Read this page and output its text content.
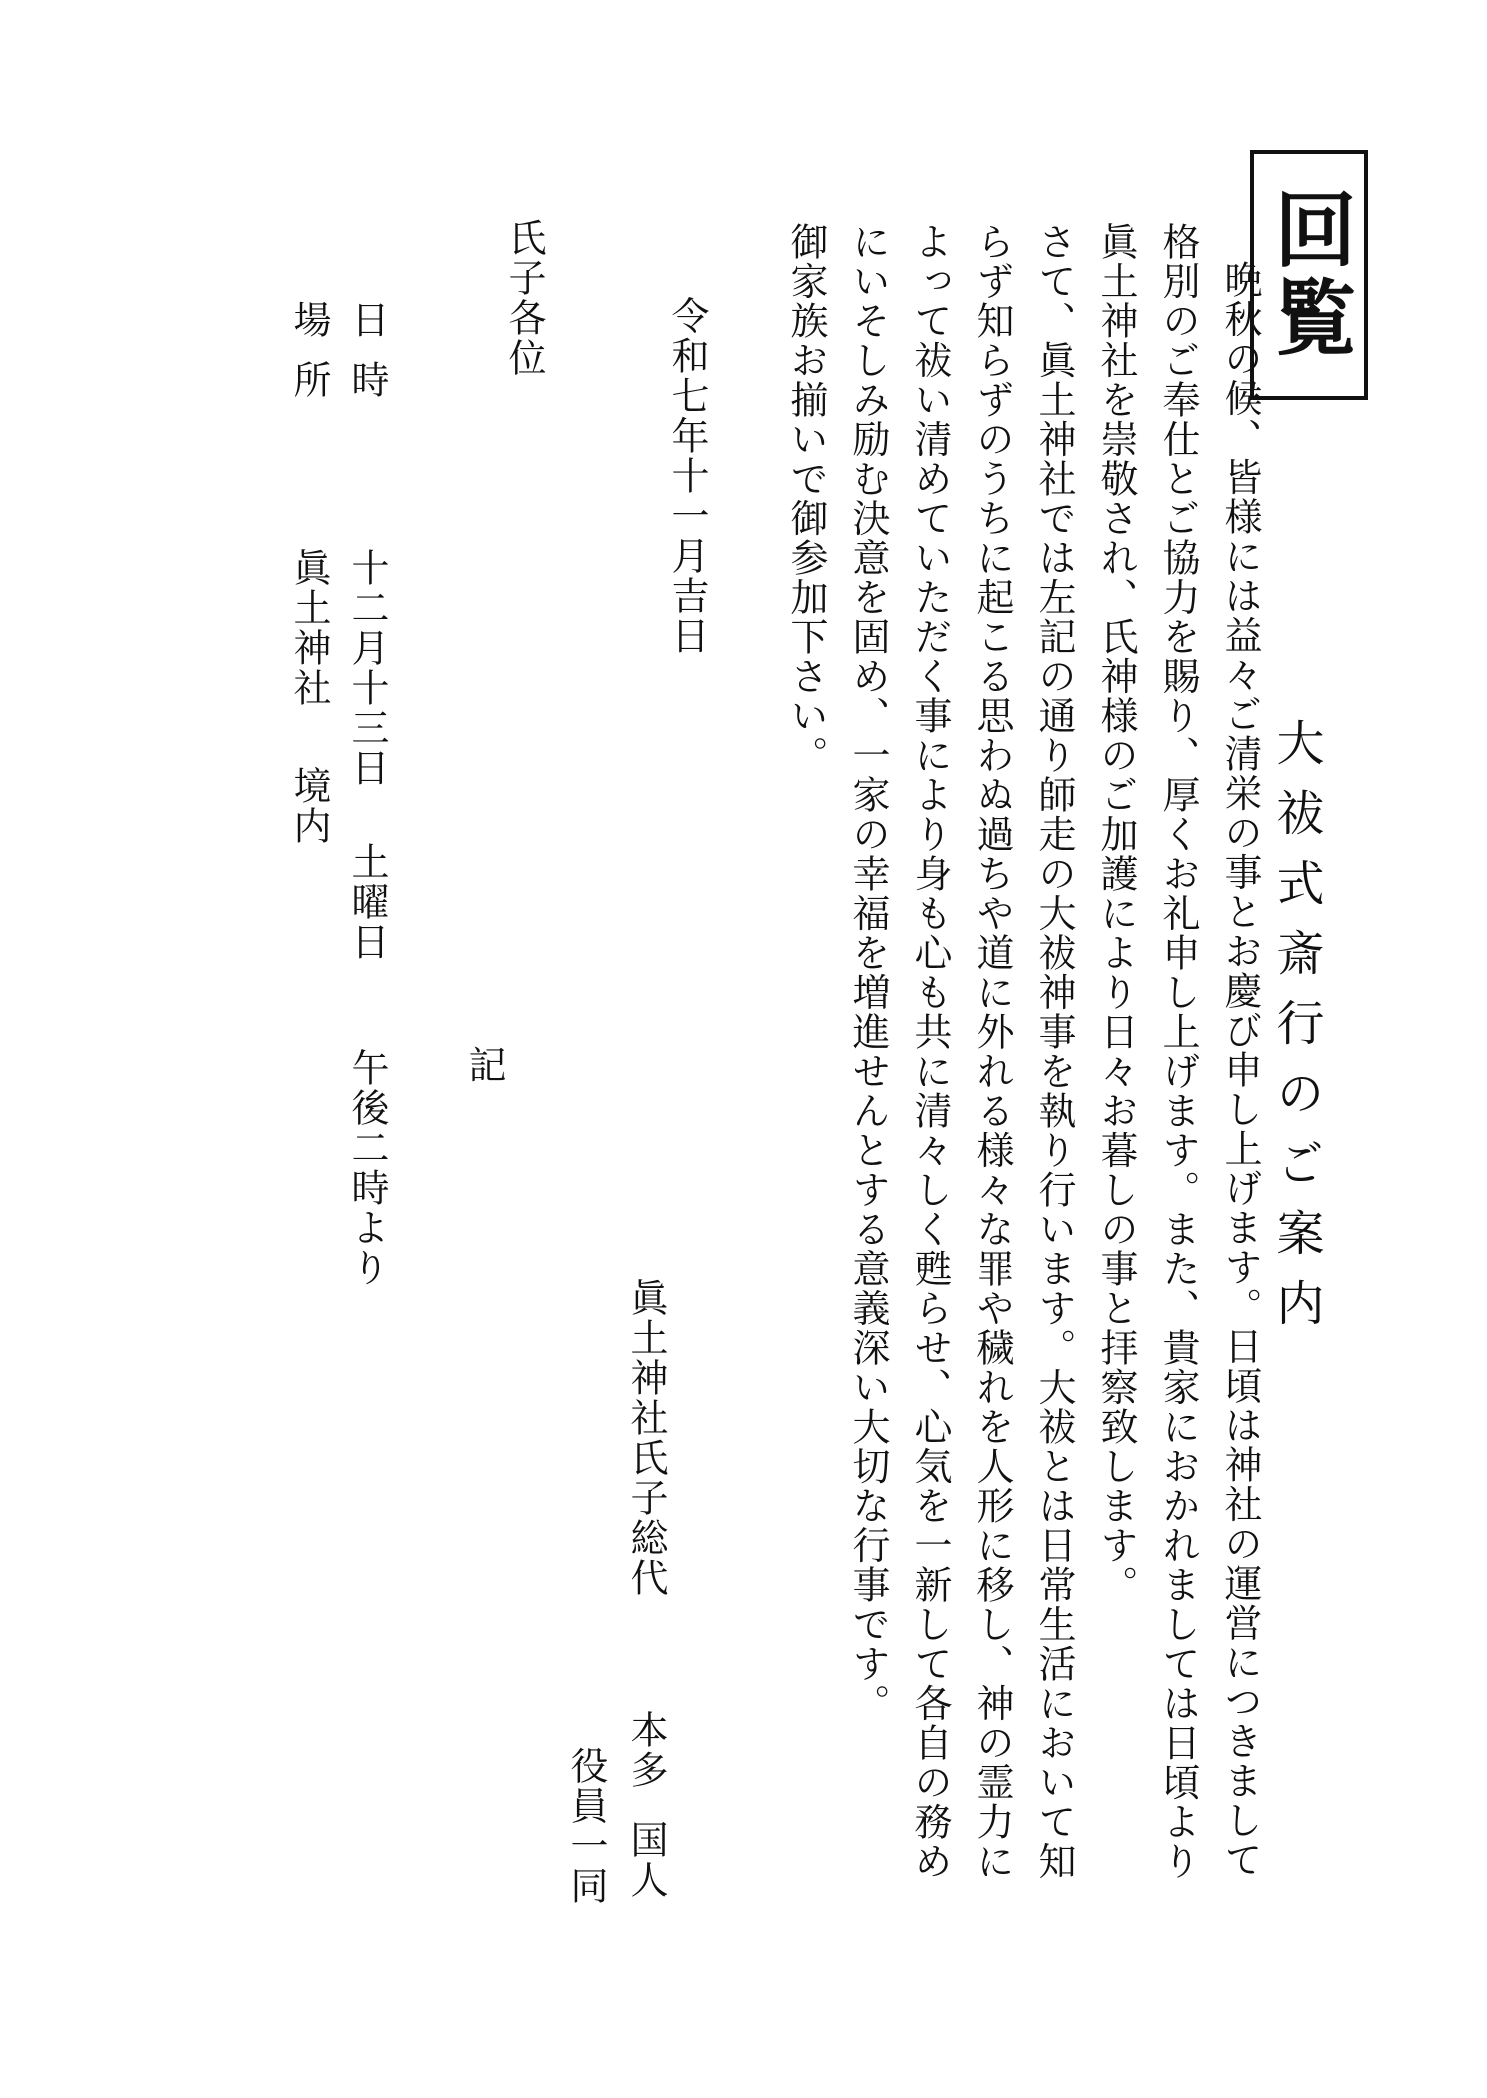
回覧
大祓式斎行のご案内

晩秋の候、皆様には益々ご清栄の事とお慶び申し上げます。日頃は神社の運営につきまして
格別のご奉仕とご協力を賜り、厚くお礼申し上げます。また、貴家におかれましては日頃より
眞土神社を崇敬され、氏神様のご加護により日々お暮しの事と拝察致します。

さて、眞土神社では左記の通り師走の大祓神事を執り行います。大祓とは日常生活において知
らず知らずのうちに起こる思わぬ過ちや道に外れる様々な罪や穢れを人形に移し、神の霊力に
よって祓い清めていただく事により身も心も共に清々しく甦らせ、心気を一新して各自の務め
にいそしみ励む決意を固め、一家の幸福を増進せんとする意義深い大切な行事です。
御家族お揃いで御参加下さい。

令和七年十一月吉日
眞土神社氏子総代
本多国人
役員一同
記
氏子各位
日時
十二月十三日
土曜日
午後二時より
場所
眞土神社
境内
